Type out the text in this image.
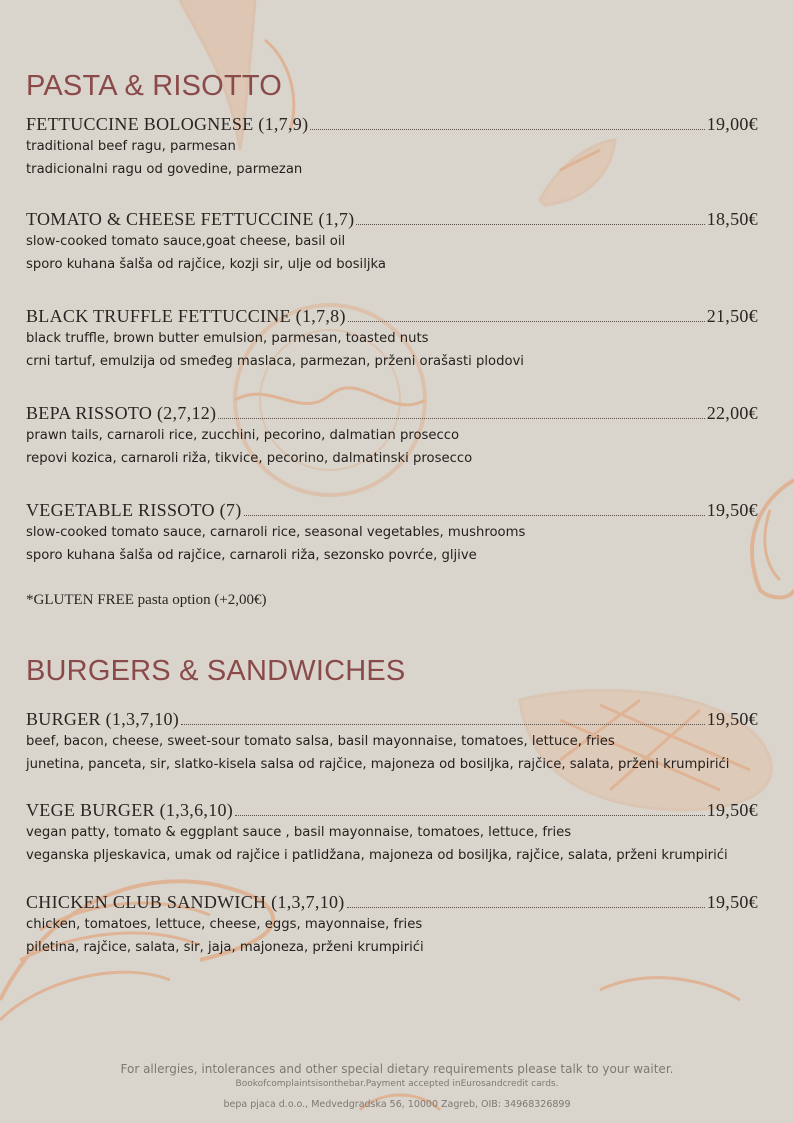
PASTA & RISOTTO
FETTUCCINE BOLOGNESE (1,7,9)	19,00€
traditional beef ragu, parmesan
tradicionalni ragu od govedine, parmezan
TOMATO & CHEESE FETTUCCINE (1,7)	18,50€
slow-cooked tomato sauce,goat cheese, basil oil
sporo kuhana šalša od rajčice, kozji sir, ulje od bosiljka
BLACK TRUFFLE FETTUCCINE (1,7,8)	21,50€
black truffle, brown butter emulsion, parmesan, toasted nuts
crni tartuf, emulzija od smeđeg maslaca, parmezan, prženi orašasti plodovi
BEPA RISSOTO (2,7,12)	22,00€
prawn tails, carnaroli rice, zucchini, pecorino, dalmatian prosecco
repovi kozica, carnaroli riža, tikvice, pecorino, dalmatinski prosecco
VEGETABLE RISSOTO (7)	19,50€
slow-cooked tomato sauce, carnaroli rice, seasonal vegetables, mushrooms
sporo kuhana šalša od rajčice, carnaroli riža, sezonsko povrće, gljive
*GLUTEN FREE pasta option (+2,00€)
BURGERS & SANDWICHES
BURGER (1,3,7,10)	19,50€
beef, bacon, cheese, sweet-sour tomato salsa, basil mayonnaise, tomatoes, lettuce, fries
junetina, panceta, sir, slatko-kisela salsa od rajčice, majoneza od bosiljka, rajčice, salata, prženi krumpirići
VEGE BURGER (1,3,6,10)	19,50€
vegan patty, tomato & eggplant sauce , basil mayonnaise, tomatoes, lettuce, fries
veganska pljeskavica, umak od rajčice i patlidžana, majoneza od bosiljka, rajčice, salata, prženi krumpirići
CHICKEN CLUB SANDWICH (1,3,7,10)	19,50€
chicken, tomatoes, lettuce, cheese, eggs, mayonnaise, fries
piletina, rajčice, salata, sir, jaja, majoneza, prženi krumpirići
For allergies, intolerances and other special dietary requirements please talk to your waiter.
Bookofcomplaintsisonthebar.Payment accepted inEurosandcredit cards.
bepa pjaca d.o.o., Medvedgradska 56, 10000 Zagreb, OIB: 34968326899
